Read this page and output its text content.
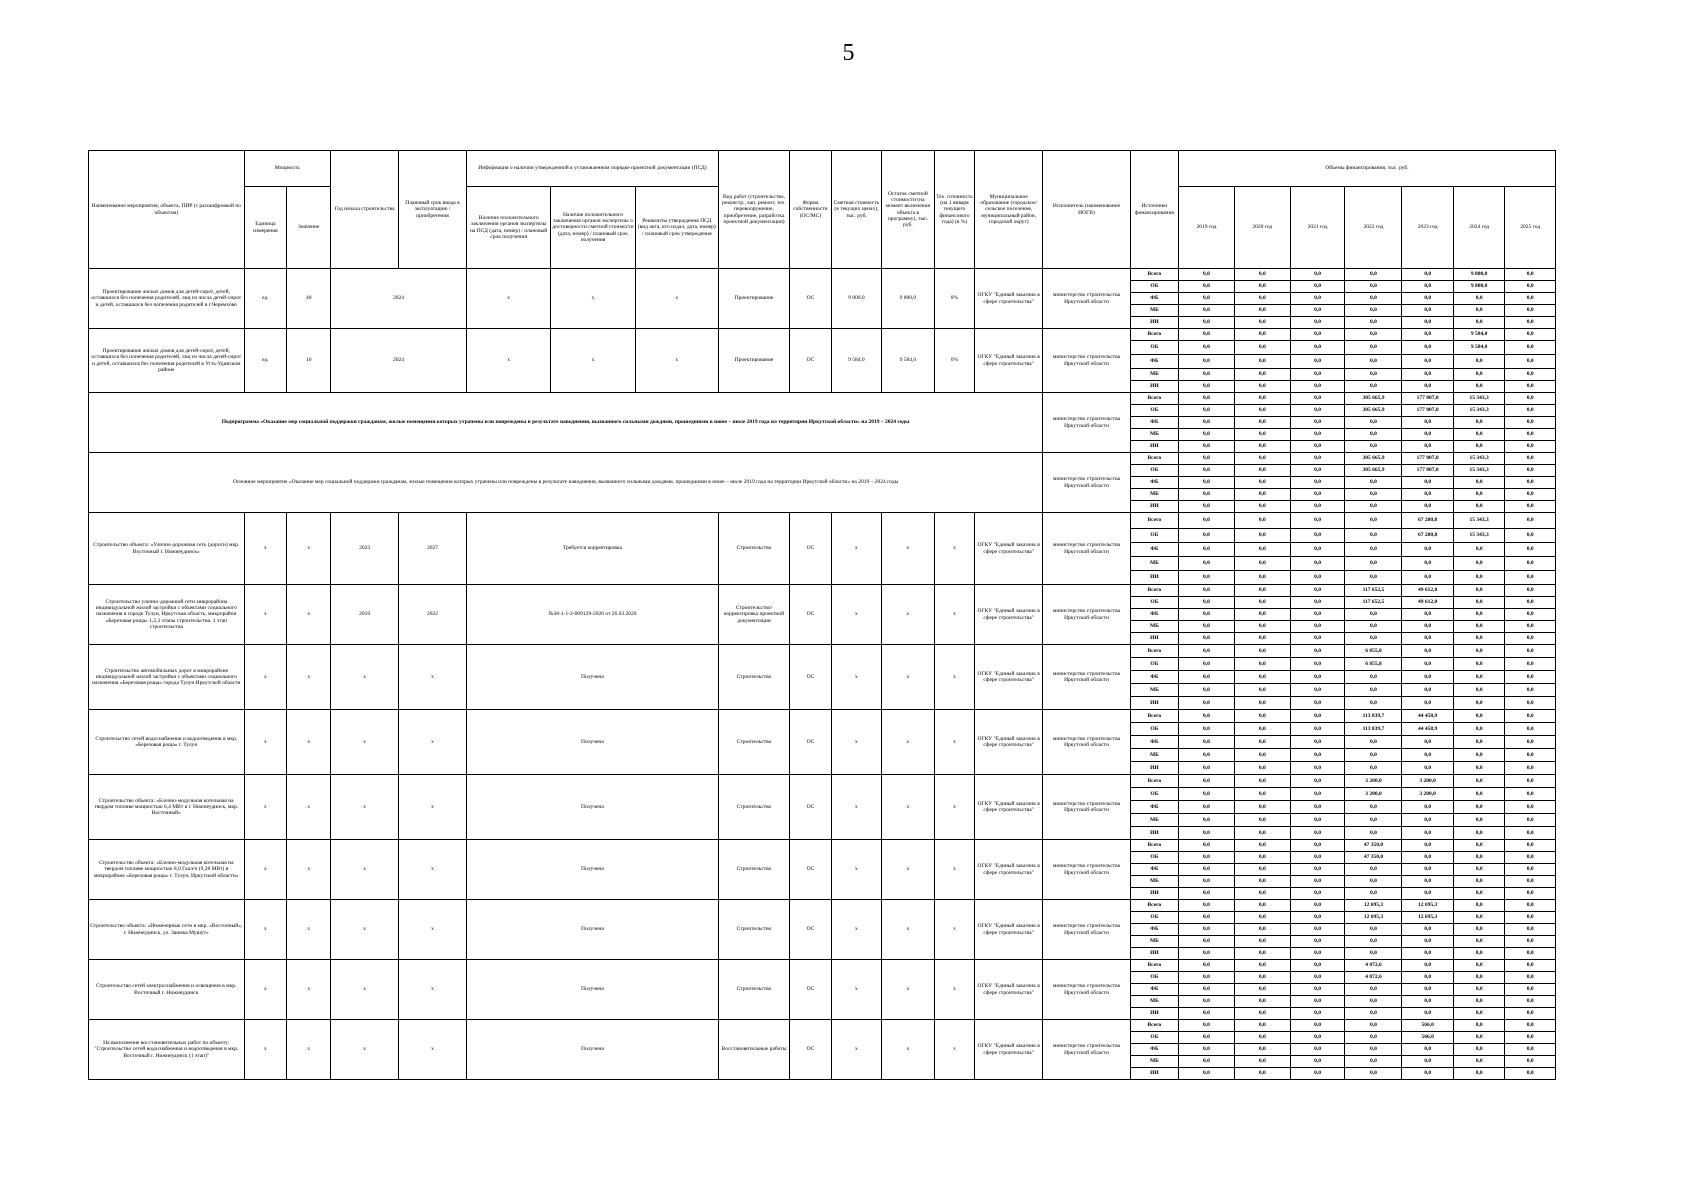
5
Наименование мероприятия, объекта, ПИР (с расшифровкой по объектам)	Мощность		Год начала строительства	Плановый срок ввода в эксплуатацию / приобретения	Информация о наличии утвержденной в установленном порядке проектной документации (ПСД)			Вид работ (строительство, реконстр., кап. ремонт, тех. перевооружение, приобретение, разработка проектной документации)	Форма собственности (ОС/МС)	Сметная стоимость (в текущих ценах), тыс. руб.	Остаток сметной стоимости (на момент включения объекта в программу), тыс. руб.	Тех. готовность (на 1 января текущего финансового года) (в %)	Муниципальное образование (городское/сельское поселение, муниципальный район, городской округ)	Исполнитель (наименование ИОГВ)	Источники финансирования	Объемы финансирования, тыс. руб.						
	Единица измерения	Значение			Наличие положительного заключения органов экспертизы на ПСД (дата, номер) / плановый срок получения	Наличие положительного заключения органов экспертизы о достоверности сметной стоимости (дата, номер) / плановый срок получения	Реквизиты утверждения ПСД (вид акта, кто издал, дата, номер) / плановый срок утверждения									2019 год	2020 год	2021 год	2022 год	2023 год	2024 год	2025 год
Проектирование жилых домов для детей-сирот, детей, оставшихся без попечения родителей, лиц из числа детей-сирот и детей, оставшихся без попечения родителей в г.Черемхово	ед.	40	2024		х	х	х	Проектирование	ОС	9 800,0	9 800,0	0%	ОГКУ "Единый заказчик в сфере строительства"	министерство строительства Иркутской области	Всего	0,0	0,0	0,0	0,0	0,0	9 800,0	0,0
															ОБ	0,0	0,0	0,0	0,0	0,0	9 800,0	0,0
															ФБ	0,0	0,0	0,0	0,0	0,0	0,0	0,0
															МБ	0,0	0,0	0,0	0,0	0,0	0,0	0,0
															ИИ	0,0	0,0	0,0	0,0	0,0	0,0	0,0
Проектирование жилых домов для детей-сирот, детей, оставшихся без попечения родителей, лиц из числа детей-сирот и детей, оставшихся без попечения родителей в Усть-Удинском районе	ед.	16	2024		х	х	х	Проектирование	ОС	9 584,0	9 584,0	0%	ОГКУ "Единый заказчик в сфере строительства"	министерство строительства Иркутской области	Всего	0,0	0,0	0,0	0,0	0,0	9 584,0	0,0
															ОБ	0,0	0,0	0,0	0,0	0,0	9 584,0	0,0
															ФБ	0,0	0,0	0,0	0,0	0,0	0,0	0,0
															МБ	0,0	0,0	0,0	0,0	0,0	0,0	0,0
															ИИ	0,0	0,0	0,0	0,0	0,0	0,0	0,0
Подпрограмма «Оказание мер социальной поддержки гражданам, жилые помещения которых утрачены или повреждены в результате наводнения, вызванного сильными дождями, прошедшими в июне – июле 2019 года на территории Иркутской области» на 2019 – 2024 годы														министерство строительства Иркутской области	Всего	0,0	0,0	0,0	305 665,9	177 807,0	15 343,3	0,0
															ОБ	0,0	0,0	0,0	305 665,9	177 807,0	15 343,3	0,0
															ФБ	0,0	0,0	0,0	0,0	0,0	0,0	0,0
															МБ	0,0	0,0	0,0	0,0	0,0	0,0	0,0
															ИИ	0,0	0,0	0,0	0,0	0,0	0,0	0,0
Основное мероприятие «Оказание мер социальной поддержки гражданам, жилые помещения которых утрачены или повреждены в результате наводнения, вызванного сильными дождями, прошедшими в июне – июле 2019 года на территории Иркутской области» на 2019 – 2024 годы														министерство строительства Иркутской области	Всего	0,0	0,0	0,0	305 665,9	177 807,0	15 343,3	0,0
															ОБ	0,0	0,0	0,0	305 665,9	177 807,0	15 343,3	0,0
															ФБ	0,0	0,0	0,0	0,0	0,0	0,0	0,0
															МБ	0,0	0,0	0,0	0,0	0,0	0,0	0,0
															ИИ	0,0	0,0	0,0	0,0	0,0	0,0	0,0
Строительство объекта: «Улично-дорожная сеть (дороги) мкр. Восточный г. Нижнеудинск»	х	х	2023	2027	Требуется корректировка			Строительство	ОС	х	х	х	ОГКУ "Единый заказчик в сфере строительства"	министерство строительства Иркутской области	Всего	0,0	0,0	0,0	0,0	67 280,8	15 343,3	0,0
															ОБ	0,0	0,0	0,0	0,0	67 280,8	15 343,3	0,0
															ФБ	0,0	0,0	0,0	0,0	0,0	0,0	0,0
															МБ	0,0	0,0	0,0	0,0	0,0	0,0	0,0
															ИИ	0,0	0,0	0,0	0,0	0,0	0,0	0,0
Строительство улично-дорожной сети микрорайона индивидуальной жилой застройки с объектами социального назначения в городе Тулун, Иркутская область, микрорайон «Березовая роща» 1,2,3 этапы строительства. 1 этап строительства	х	х	2019	2022	№38-1-1-2-009129-2020 от 26.03.2020			Строительство/ корректировка проектной документации	ОС	х	х	х	ОГКУ "Единый заказчик в сфере строительства"	министерство строительства Иркутской области	Всего	0,0	0,0	0,0	117 652,5	49 612,0	0,0	0,0
															ОБ	0,0	0,0	0,0	117 652,5	49 612,0	0,0	0,0
															ФБ	0,0	0,0	0,0	0,0	0,0	0,0	0,0
															МБ	0,0	0,0	0,0	0,0	0,0	0,0	0,0
															ИИ	0,0	0,0	0,0	0,0	0,0	0,0	0,0
Строительство автомобильных дорог в микрорайоне индивидуальной жилой застройки с объектами социального назначения «Березовая роща» города Тулун Иркутской области	х	х	х	х	Получена			Строительство	ОС	х	х	х	ОГКУ "Единый заказчик в сфере строительства"	министерство строительства Иркутской области	Всего	0,0	0,0	0,0	6 855,8	0,0	0,0	0,0
															ОБ	0,0	0,0	0,0	6 855,8	0,0	0,0	0,0
															ФБ	0,0	0,0	0,0	0,0	0,0	0,0	0,0
															МБ	0,0	0,0	0,0	0,0	0,0	0,0	0,0
															ИИ	0,0	0,0	0,0	0,0	0,0	0,0	0,0
Строительство сетей водоснабжения и водоотведения в мкр. «Березовая роща» г. Тулун	х	х	х	х	Получена			Строительство	ОС	х	х	х	ОГКУ "Единый заказчик в сфере строительства"	министерство строительства Иркутской области	Всего	0,0	0,0	0,0	113 839,7	44 458,9	0,0	0,0
															ОБ	0,0	0,0	0,0	113 839,7	44 458,9	0,0	0,0
															ФБ	0,0	0,0	0,0	0,0	0,0	0,0	0,0
															МБ	0,0	0,0	0,0	0,0	0,0	0,0	0,0
															ИИ	0,0	0,0	0,0	0,0	0,0	0,0	0,0
Строительство объекта: «Блочно-модульная котельная на твердом топливе мощностью 6,4 МВт в г. Нижнеудинск, мкр. Восточный»	х	х	х	х	Получена			Строительство	ОС	х	х	х	ОГКУ "Единый заказчик в сфере строительства"	министерство строительства Иркутской области	Всего	0,0	0,0	0,0	3 200,0	3 200,0	0,0	0,0
															ОБ	0,0	0,0	0,0	3 200,0	3 200,0	0,0	0,0
															ФБ	0,0	0,0	0,0	0,0	0,0	0,0	0,0
															МБ	0,0	0,0	0,0	0,0	0,0	0,0	0,0
															ИИ	0,0	0,0	0,0	0,0	0,0	0,0	0,0
Строительство объекта: «Блочно-модульная котельная на твердом топливе мощностью 8,0 Гкал/ч (9,28 МВт) в микрорайоне «Березовая роща» г. Тулун, Иркутской области»	х	х	х	х	Получена			Строительство	ОС	х	х	х	ОГКУ "Единый заказчик в сфере строительства"	министерство строительства Иркутской области	Всего	0,0	0,0	0,0	47 350,0	0,0	0,0	0,0
															ОБ	0,0	0,0	0,0	47 350,0	0,0	0,0	0,0
															ФБ	0,0	0,0	0,0	0,0	0,0	0,0	0,0
															МБ	0,0	0,0	0,0	0,0	0,0	0,0	0,0
															ИИ	0,0	0,0	0,0	0,0	0,0	0,0	0,0
Строительство объекта: «Инженерные сети в мкр. «Восточный», г. Нижнеудинск, ул. Заимка Мушут»	х	х	х	х	Получена			Строительство	ОС	х	х	х	ОГКУ "Единый заказчик в сфере строительства"	министерство строительства Иркутской области	Всего	0,0	0,0	0,0	12 695,3	12 695,3	0,0	0,0
															ОБ	0,0	0,0	0,0	12 695,3	12 695,3	0,0	0,0
															ФБ	0,0	0,0	0,0	0,0	0,0	0,0	0,0
															МБ	0,0	0,0	0,0	0,0	0,0	0,0	0,0
															ИИ	0,0	0,0	0,0	0,0	0,0	0,0	0,0
Строительство сетей электроснабжения и освещения в мкр. Восточный г. Нижнеудинск	х	х	х	х	Получена			Строительство	ОС	х	х	х	ОГКУ "Единый заказчик в сфере строительства"	министерство строительства Иркутской области	Всего	0,0	0,0	0,0	4 072,6	0,0	0,0	0,0
															ОБ	0,0	0,0	0,0	4 072,6	0,0	0,0	0,0
															ФБ	0,0	0,0	0,0	0,0	0,0	0,0	0,0
															МБ	0,0	0,0	0,0	0,0	0,0	0,0	0,0
															ИИ	0,0	0,0	0,0	0,0	0,0	0,0	0,0
На выполнение восстановительных работ по объекту: "Строительство сетей водоснабжения и водоотведения в мкр. Восточный г. Нижнеудинск (1 этап)"	х	х	х	х	Получена			Восстановительные работы	ОС	х	х	х	ОГКУ "Единый заказчик в сфере строительства"	министерство строительства Иркутской области	Всего	0,0	0,0	0,0	0,0	566,0	0,0	0,0
															ОБ	0,0	0,0	0,0	0,0	566,0	0,0	0,0
															ФБ	0,0	0,0	0,0	0,0	0,0	0,0	0,0
															МБ	0,0	0,0	0,0	0,0	0,0	0,0	0,0
															ИИ	0,0	0,0	0,0	0,0	0,0	0,0	0,0
